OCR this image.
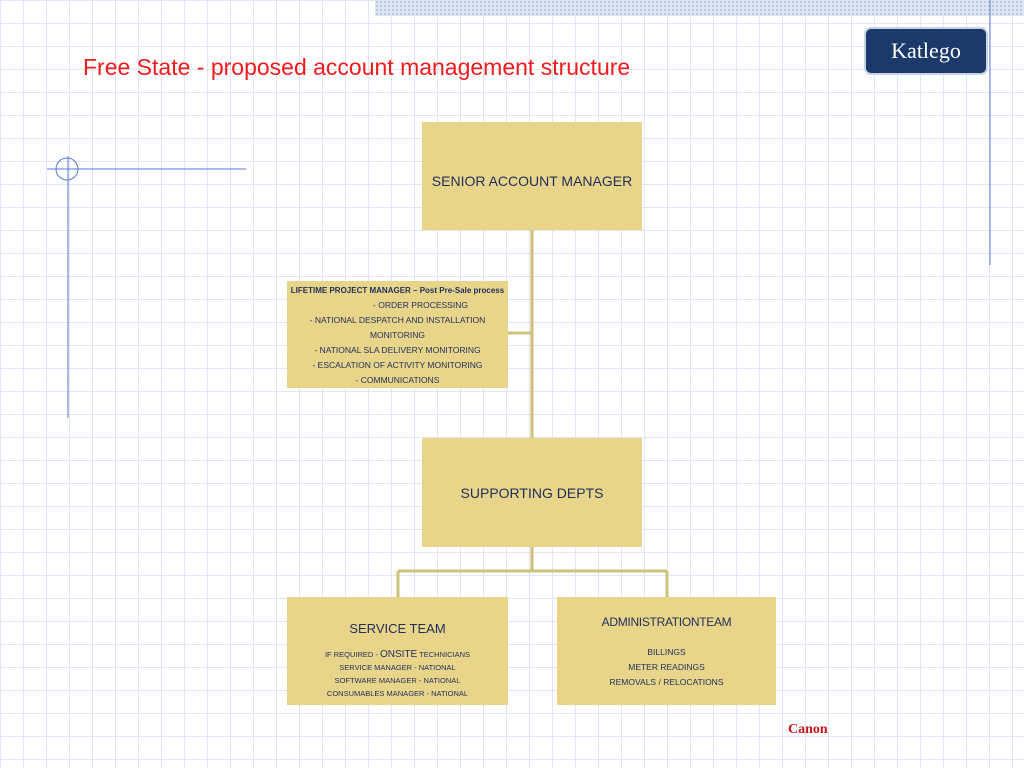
Free State - proposed account management structure
Katlego
SENIOR ACCOUNT MANAGER
LIFETIME PROJECT MANAGER – Post Pre-Sale process
- ORDER PROCESSING
- NATIONAL DESPATCH AND INSTALLATION
MONITORING
- NATIONAL SLA DELIVERY MONITORING
- ESCALATION OF ACTIVITY MONITORING
- COMMUNICATIONS
SUPPORTING DEPTS
SERVICE TEAM
IF REQUIRED - ONSITE TECHNICIANS
SERVICE MANAGER - NATIONAL
SOFTWARE MANAGER - NATIONAL
CONSUMABLES MANAGER - NATIONAL
ADMINISTRATIONTEAM
BILLINGS
METER READINGS
REMOVALS / RELOCATIONS

Canon
